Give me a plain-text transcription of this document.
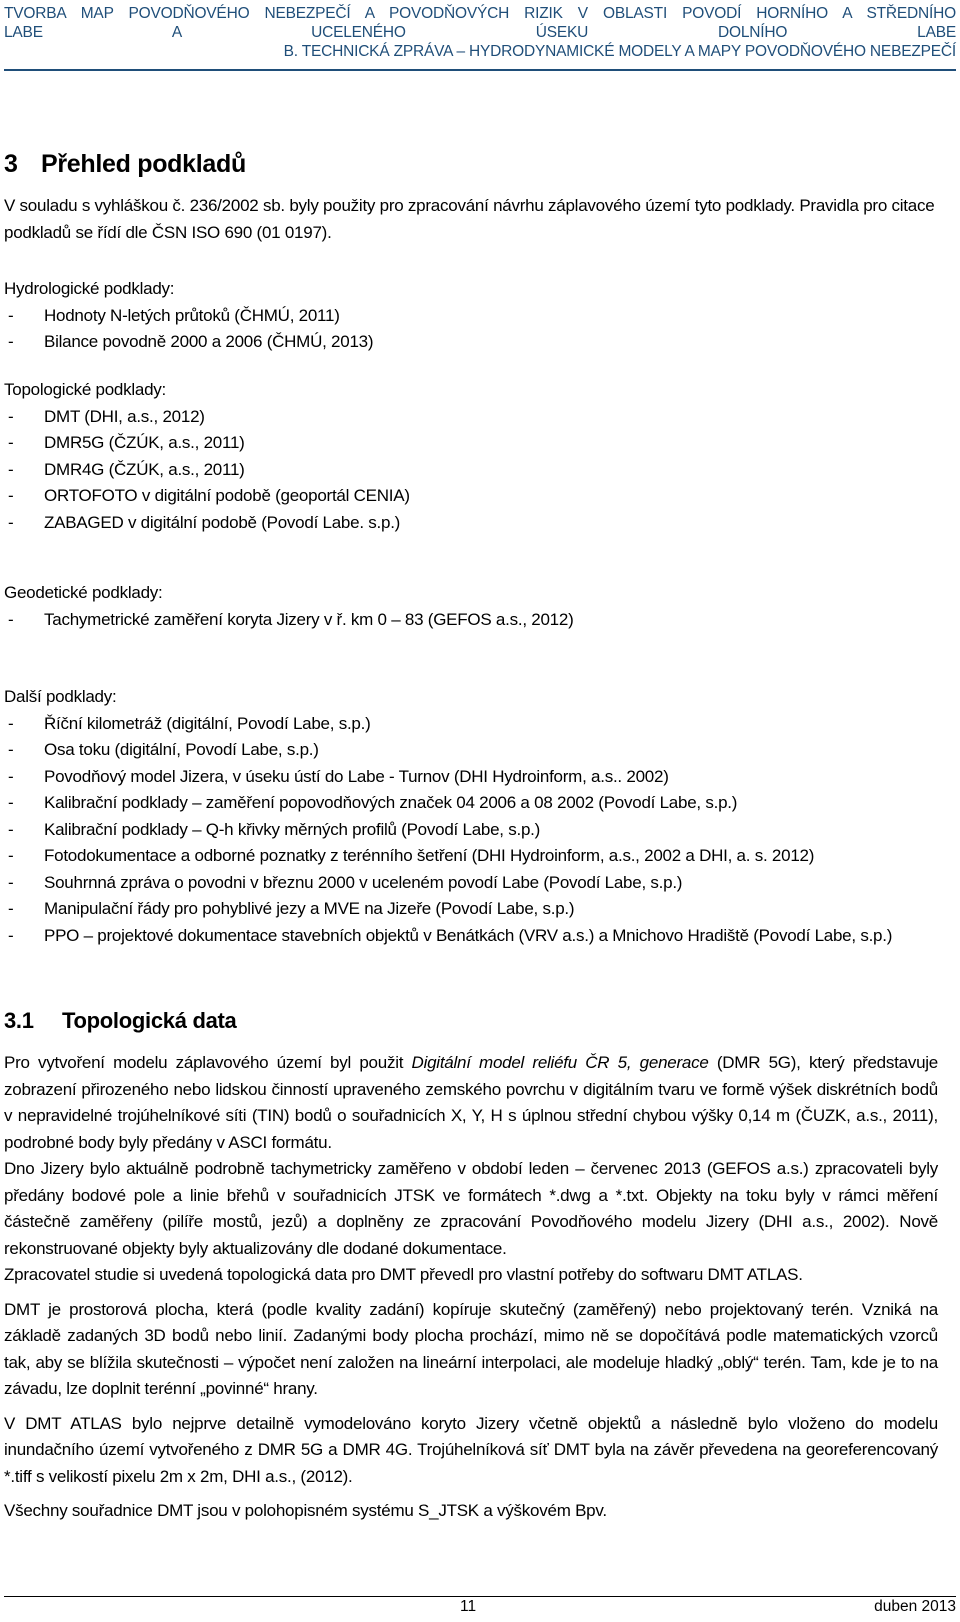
TVORBA MAP POVODŇOVÉHO NEBEZPEČÍ A POVODŇOVÝCH RIZIK V OBLASTI POVODÍ HORNÍHO A STŘEDNÍHO
LABE A UCELENÉHO ÚSEKU DOLNÍHO LABE
B. TECHNICKÁ ZPRÁVA – HYDRODYNAMICKÉ MODELY A MAPY POVODŇOVÉHO NEBEZPEČÍ
3 Přehled podkladů

V souladu s vyhláškou č. 236/2002 sb. byly použity pro zpracování návrhu záplavového území tyto podklady. Pravidla pro citace podkladů se řídí dle ČSN ISO 690 (01 0197).

Hydrologické podklady:

- Hodnoty N-letých průtoků (ČHMÚ, 2011)
- Bilance povodně 2000 a 2006 (ČHMÚ, 2013)

Topologické podklady:

- DMT (DHI, a.s., 2012)
- DMR5G (ČZÚK, a.s., 2011)
- DMR4G (ČZÚK, a.s., 2011)
- ORTOFOTO v digitální podobě (geoportál CENIA)
- ZABAGED v digitální podobě (Povodí Labe. s.p.)

Geodetické podklady:

- Tachymetrické zaměření koryta Jizery v ř. km 0 – 83 (GEFOS a.s., 2012)

Další podklady:

- Říční kilometráž (digitální, Povodí Labe, s.p.)
- Osa toku (digitální, Povodí Labe, s.p.)
- Povodňový model Jizera, v úseku ústí do Labe - Turnov (DHI Hydroinform, a.s.. 2002)
- Kalibrační podklady – zaměření popovodňových značek 04 2006 a 08 2002 (Povodí Labe, s.p.)
- Kalibrační podklady – Q-h křivky měrných profilů (Povodí Labe, s.p.)
- Fotodokumentace a odborné poznatky z terénního šetření (DHI Hydroinform, a.s., 2002 a DHI, a. s. 2012)
- Souhrnná zpráva o povodni v březnu 2000 v uceleném povodí Labe (Povodí Labe, s.p.)
- Manipulační řády pro pohyblivé jezy a MVE na Jizeře (Povodí Labe, s.p.)
- PPO – projektové dokumentace stavebních objektů v Benátkách (VRV a.s.) a Mnichovo Hradiště (Povodí Labe, s.p.)
3.1 Topologická data

Pro vytvoření modelu záplavového území byl použit Digitální model reliéfu ČR 5, generace (DMR 5G), který představuje zobrazení přirozeného nebo lidskou činností upraveného zemského povrchu v digitálním tvaru ve formě výšek diskrétních bodů v nepravidelné trojúhelníkové síti (TIN) bodů o souřadnicích X, Y, H s úplnou střední chybou výšky 0,14 m (ČUZK, a.s., 2011), podrobné body byly předány v ASCI formátu.

Dno Jizery bylo aktuálně podrobně tachymetricky zaměřeno v období leden – červenec 2013 (GEFOS a.s.) zpracovateli byly předány bodové pole a linie břehů v souřadnicích JTSK ve formátech *.dwg a *.txt. Objekty na toku byly v rámci měření částečně zaměřeny (pilíře mostů, jezů) a doplněny ze zpracování Povodňového modelu Jizery (DHI a.s., 2002). Nově rekonstruované objekty byly aktualizovány dle dodané dokumentace.

Zpracovatel studie si uvedená topologická data pro DMT převedl pro vlastní potřeby do softwaru DMT ATLAS.

DMT je prostorová plocha, která (podle kvality zadání) kopíruje skutečný (zaměřený) nebo projektovaný terén. Vzniká na základě zadaných 3D bodů nebo linií. Zadanými body plocha prochází, mimo ně se dopočítává podle matematických vzorců tak, aby se blížila skutečnosti – výpočet není založen na lineární interpolaci, ale modeluje hladký „oblý“ terén. Tam, kde je to na závadu, lze doplnit terénní „povinné“ hrany.

V DMT ATLAS bylo nejprve detailně vymodelováno koryto Jizery včetně objektů a následně bylo vloženo do modelu inundačního území vytvořeného z DMR 5G a DMR 4G. Trojúhelníková síť DMT byla na závěr převedena na georeferencovaný *.tiff s velikostí pixelu 2m x 2m, DHI a.s., (2012).

Všechny souřadnice DMT jsou v polohopisném systému S_JTSK a výškovém Bpv.

11	duben 2013
